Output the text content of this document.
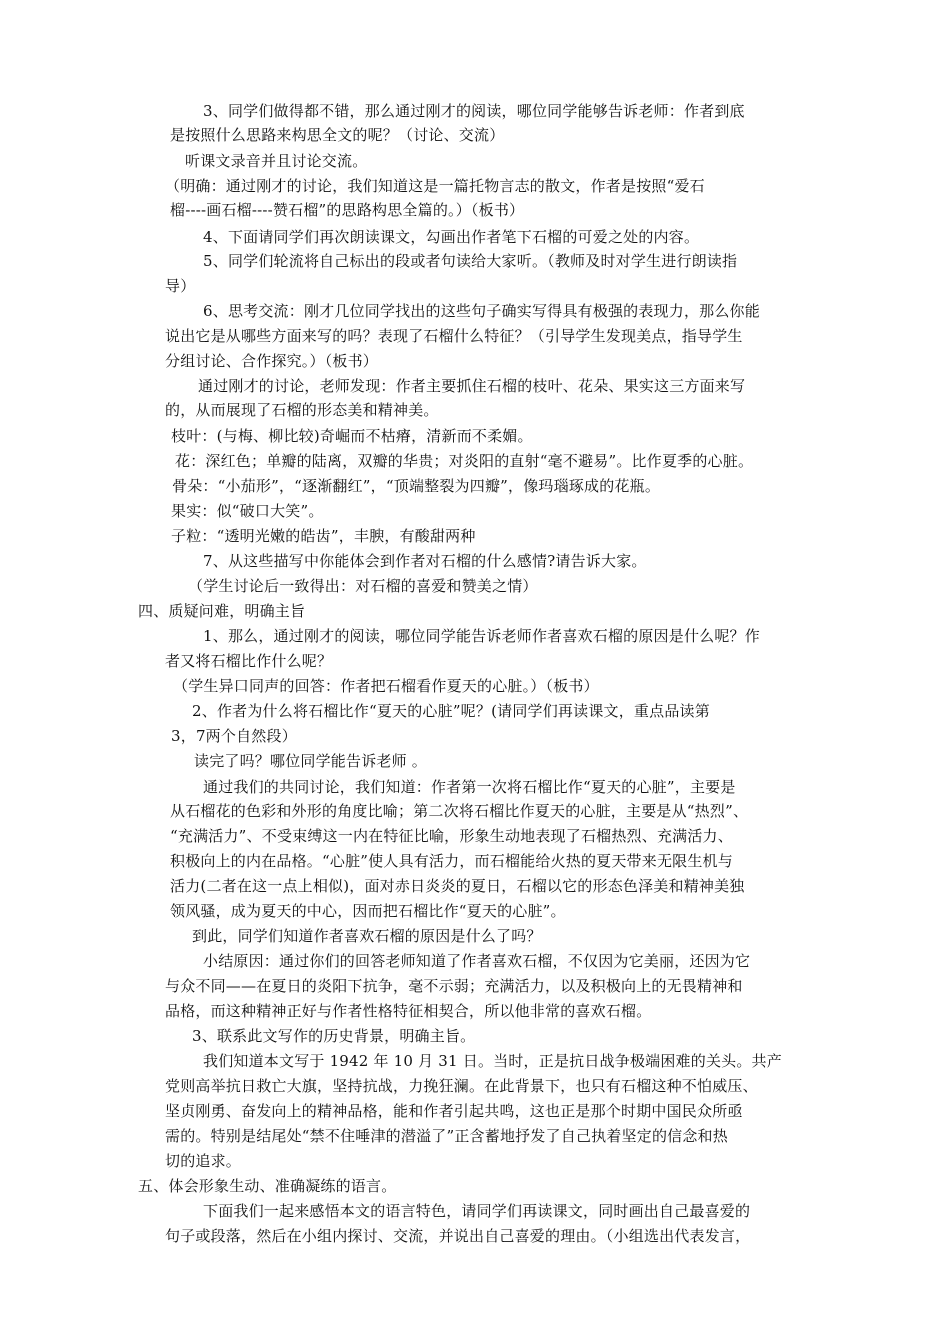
3、同学们做得都不错，那么通过刚才的阅读，哪位同学能够告诉老师：作者到底
是按照什么思路来构思全文的呢？（讨论、交流）
听课文录音并且讨论交流。
（明确：通过刚才的讨论，我们知道这是一篇托物言志的散文，作者是按照“爱石
榴----画石榴----赞石榴”的思路构思全篇的。）（板书）
4、下面请同学们再次朗读课文，勾画出作者笔下石榴的可爱之处的内容。
5、同学们轮流将自己标出的段或者句读给大家听。（教师及时对学生进行朗读指
导）
6、思考交流：刚才几位同学找出的这些句子确实写得具有极强的表现力，那么你能
说出它是从哪些方面来写的吗？表现了石榴什么特征？（引导学生发现美点，指导学生
分组讨论、合作探究。）（板书）
通过刚才的讨论，老师发现：作者主要抓住石榴的枝叶、花朵、果实这三方面来写
的，从而展现了石榴的形态美和精神美。
枝叶：(与梅、柳比较)奇崛而不枯瘠，清新而不柔媚。
花：深红色；单瓣的陆离，双瓣的华贵；对炎阳的直射“毫不避易”。比作夏季的心脏。
骨朵：“小茄形”，“逐渐翻红”，“顶端整裂为四瓣”，像玛瑙琢成的花瓶。
果实：似“破口大笑”。
子粒：“透明光嫩的皓齿”，丰腴，有酸甜两种
7、从这些描写中你能体会到作者对石榴的什么感情?请告诉大家。
（学生讨论后一致得出：对石榴的喜爱和赞美之情）
四、质疑问难，明确主旨
1、那么，通过刚才的阅读，哪位同学能告诉老师作者喜欢石榴的原因是什么呢？作
者又将石榴比作什么呢？
（学生异口同声的回答：作者把石榴看作夏天的心脏。）（板书）
2、作者为什么将石榴比作“夏天的心脏”呢？(请同学们再读课文，重点品读第
3，7两个自然段）
读完了吗？哪位同学能告诉老师 。
通过我们的共同讨论，我们知道：作者第一次将石榴比作“夏天的心脏”，主要是
从石榴花的色彩和外形的角度比喻；第二次将石榴比作夏天的心脏，主要是从“热烈”、
“充满活力”、不受束缚这一内在特征比喻，形象生动地表现了石榴热烈、充满活力、
积极向上的内在品格。“心脏”使人具有活力，而石榴能给火热的夏天带来无限生机与
活力(二者在这一点上相似)，面对赤日炎炎的夏日，石榴以它的形态色泽美和精神美独
领风骚，成为夏天的中心，因而把石榴比作“夏天的心脏”。
到此，同学们知道作者喜欢石榴的原因是什么了吗？
小结原因：通过你们的回答老师知道了作者喜欢石榴，不仅因为它美丽，还因为它
与众不同——在夏日的炎阳下抗争，毫不示弱；充满活力，以及积极向上的无畏精神和
品格，而这种精神正好与作者性格特征相契合，所以他非常的喜欢石榴。
3、联系此文写作的历史背景，明确主旨。
我们知道本文写于 1942 年 10 月 31 日。当时，正是抗日战争极端困难的关头。共产
党则高举抗日救亡大旗，坚持抗战，力挽狂澜。在此背景下，也只有石榴这种不怕威压、
坚贞刚勇、奋发向上的精神品格，能和作者引起共鸣，这也正是那个时期中国民众所亟
需的。特别是结尾处“禁不住唾津的潜溢了”正含蓄地抒发了自己执着坚定的信念和热
切的追求。
五、体会形象生动、准确凝练的语言。
下面我们一起来感悟本文的语言特色，请同学们再读课文，同时画出自己最喜爱的
句子或段落，然后在小组内探讨、交流，并说出自己喜爱的理由。（小组选出代表发言，
